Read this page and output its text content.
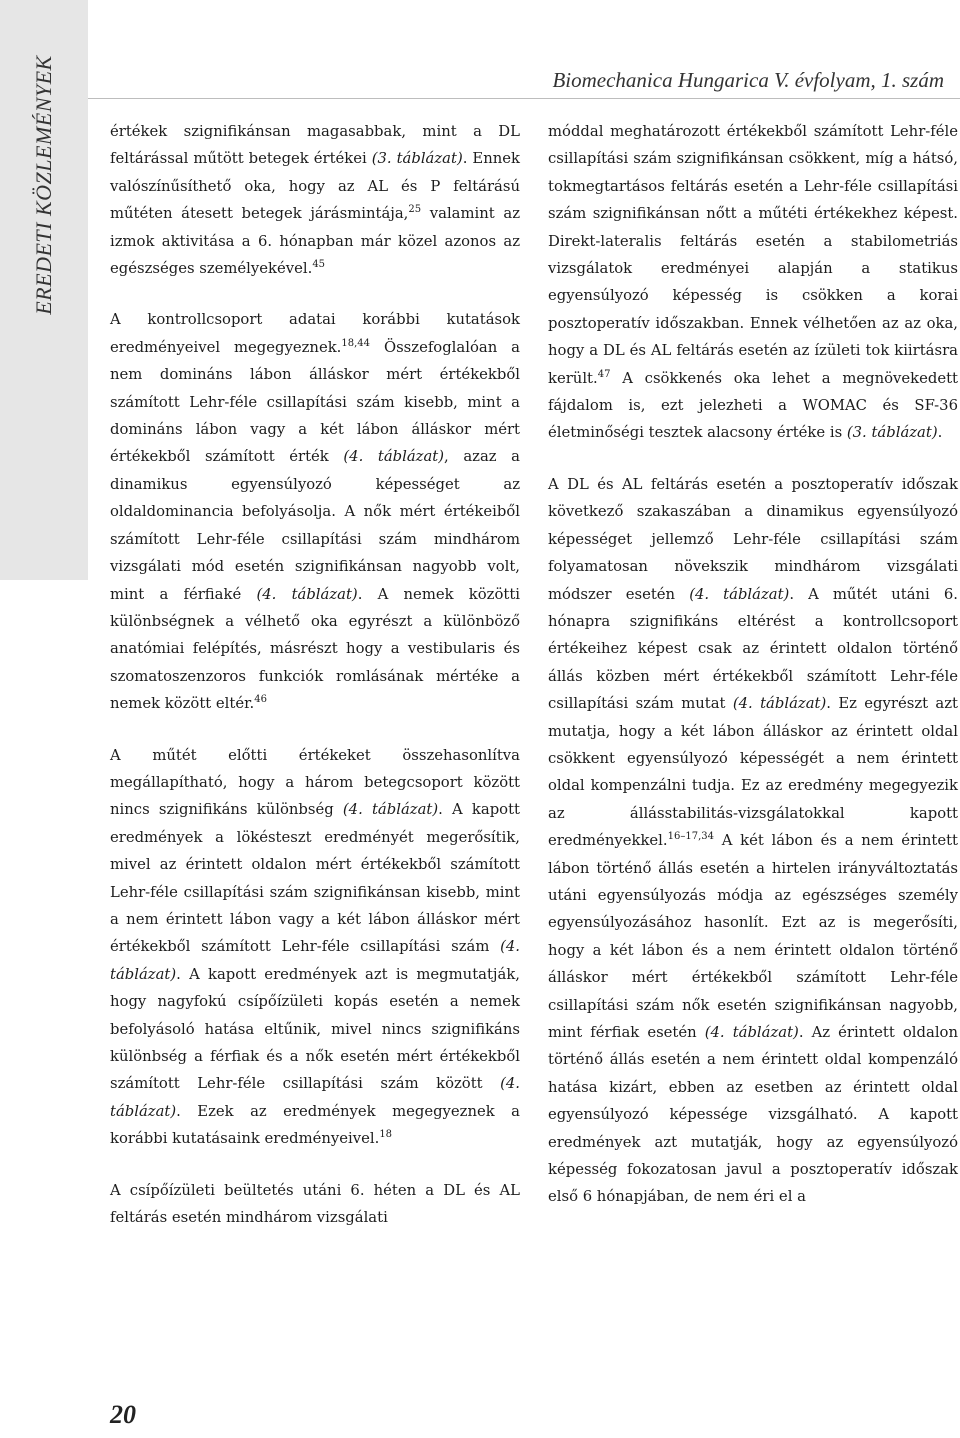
EREDETI KÖZLEMÉNYEK	Biomechanica Hungarica V. évfolyam, 1. szám

értékek szignifikánsan magasabbak, mint a DL feltárással műtött betegek értékei (3. táblázat). Ennek valószínűsíthető oka, hogy az AL és P feltárású műtéten átesett betegek járásmintája,$^{25}$ valamint az izmok aktivitása a 6. hónapban már közel azonos az egészséges személyekével.$^{45}$

A kontrollcsoport adatai korábbi kutatások eredményeivel megegyeznek.$^{18,44}$ Összefoglalóan a nem domináns lábon álláskor mért értékekből számított Lehr-féle csillapítási szám kisebb, mint a domináns lábon vagy a két lábon álláskor mért értékekből számított érték (4. táblázat), azaz a dinamikus egyensúlyozó képességet az oldaldominancia befolyásolja. A nők mért értékeiből számított Lehr-féle csillapítási szám mindhárom vizsgálati mód esetén szignifikánsan nagyobb volt, mint a férfiaké (4. táblázat). A nemek közötti különbségnek a vélhető oka egyrészt a különböző anatómiai felépítés, másrészt hogy a vestibularis és szomatoszenzoros funkciók romlásának mértéke a nemek között eltér.$^{46}$

A műtét előtti értékeket összehasonlítva megállapítható, hogy a három betegcsoport között nincs szignifikáns különbség (4. táblázat). A kapott eredmények a lökésteszt eredményét megerősítik, mivel az érintett oldalon mért értékekből számított Lehr-féle csillapítási szám szignifikánsan kisebb, mint a nem érintett lábon vagy a két lábon álláskor mért értékekből számított Lehr-féle csillapítási szám (4. táblázat). A kapott eredmények azt is megmutatják, hogy nagyfokú csípőízületi kopás esetén a nemek befolyásoló hatása eltűnik, mivel nincs szignifikáns különbség a férfiak és a nők esetén mért értékekből számított Lehr-féle csillapítási szám között (4. táblázat). Ezek az eredmények megegyeznek a korábbi kutatásaink eredményeivel.$^{18}$

A csípőízületi beültetés utáni 6. héten a DL és AL feltárás esetén mindhárom vizsgálati

móddal meghatározott értékekből számított Lehr-féle csillapítási szám szignifikánsan csökkent, míg a hátsó, tokmegtartásos feltárás esetén a Lehr-féle csillapítási szám szignifikánsan nőtt a műtéti értékekhez képest. Direkt-lateralis feltárás esetén a stabilometriás vizsgálatok eredményei alapján a statikus egyensúlyozó képesség is csökken a korai posztoperatív időszakban. Ennek vélhetően az az oka, hogy a DL és AL feltárás esetén az ízületi tok kiirtásra került.$^{47}$ A csökkenés oka lehet a megnövekedett fájdalom is, ezt jelezheti a WOMAC és SF-36 életminőségi tesztek alacsony értéke is (3. táblázat).

A DL és AL feltárás esetén a posztoperatív időszak következő szakaszában a dinamikus egyensúlyozó képességet jellemző Lehr-féle csillapítási szám folyamatosan növekszik mindhárom vizsgálati módszer esetén (4. táblázat). A műtét utáni 6. hónapra szignifikáns eltérést a kontrollcsoport értékeihez képest csak az érintett oldalon történő állás közben mért értékekből számított Lehr-féle csillapítási szám mutat (4. táblázat). Ez egyrészt azt mutatja, hogy a két lábon álláskor az érintett oldal csökkent egyensúlyozó képességét a nem érintett oldal kompenzálni tudja. Ez az eredmény megegyezik az állásstabilitás-vizsgálatokkal kapott eredményekkel.$^{16-17,34}$ A két lábon és a nem érintett lábon történő állás esetén a hirtelen irányváltoztatás utáni egyensúlyozás módja az egészséges személy egyensúlyozásához hasonlít. Ezt az is megerősíti, hogy a két lábon és a nem érintett oldalon történő álláskor mért értékekből számított Lehr-féle csillapítási szám nők esetén szignifikánsan nagyobb, mint férfiak esetén (4. táblázat). Az érintett oldalon történő állás esetén a nem érintett oldal kompenzáló hatása kizárt, ebben az esetben az érintett oldal egyensúlyozó képessége vizsgálható. A kapott eredmények azt mutatják, hogy az egyensúlyozó képesség fokozatosan javul a posztoperatív időszak első 6 hónapjában, de nem éri el a

20
